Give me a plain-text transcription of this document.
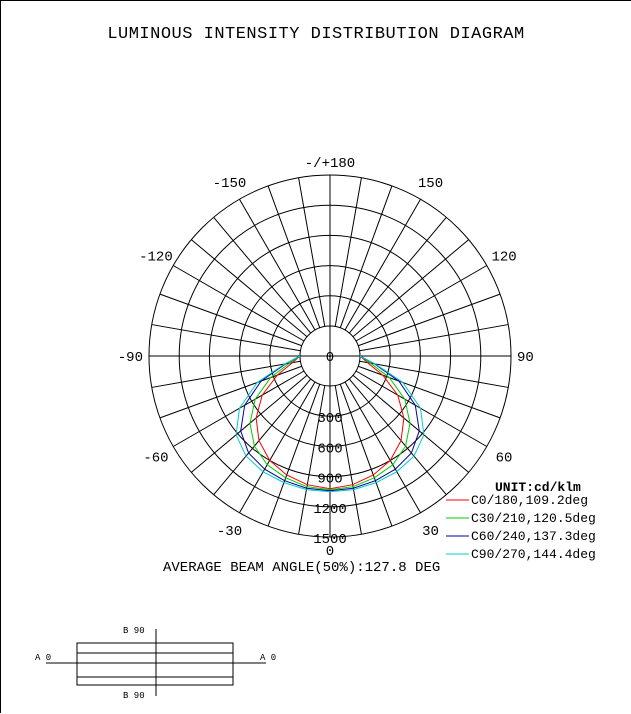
LUMINOUS INTENSITY DISTRIBUTION DIAGRAM
0
300
600
900
1200
1500
0
-/+180
-150	150
-120	120
-90	90
-60	60
-30	30
UNIT:cd/klm
C0/180,109.2deg
C30/210,120.5deg
C60/240,137.3deg
C90/270,144.4deg
B 90
B 90
A 0	A 0
AVERAGE BEAM ANGLE(50%):127.8 DEG
